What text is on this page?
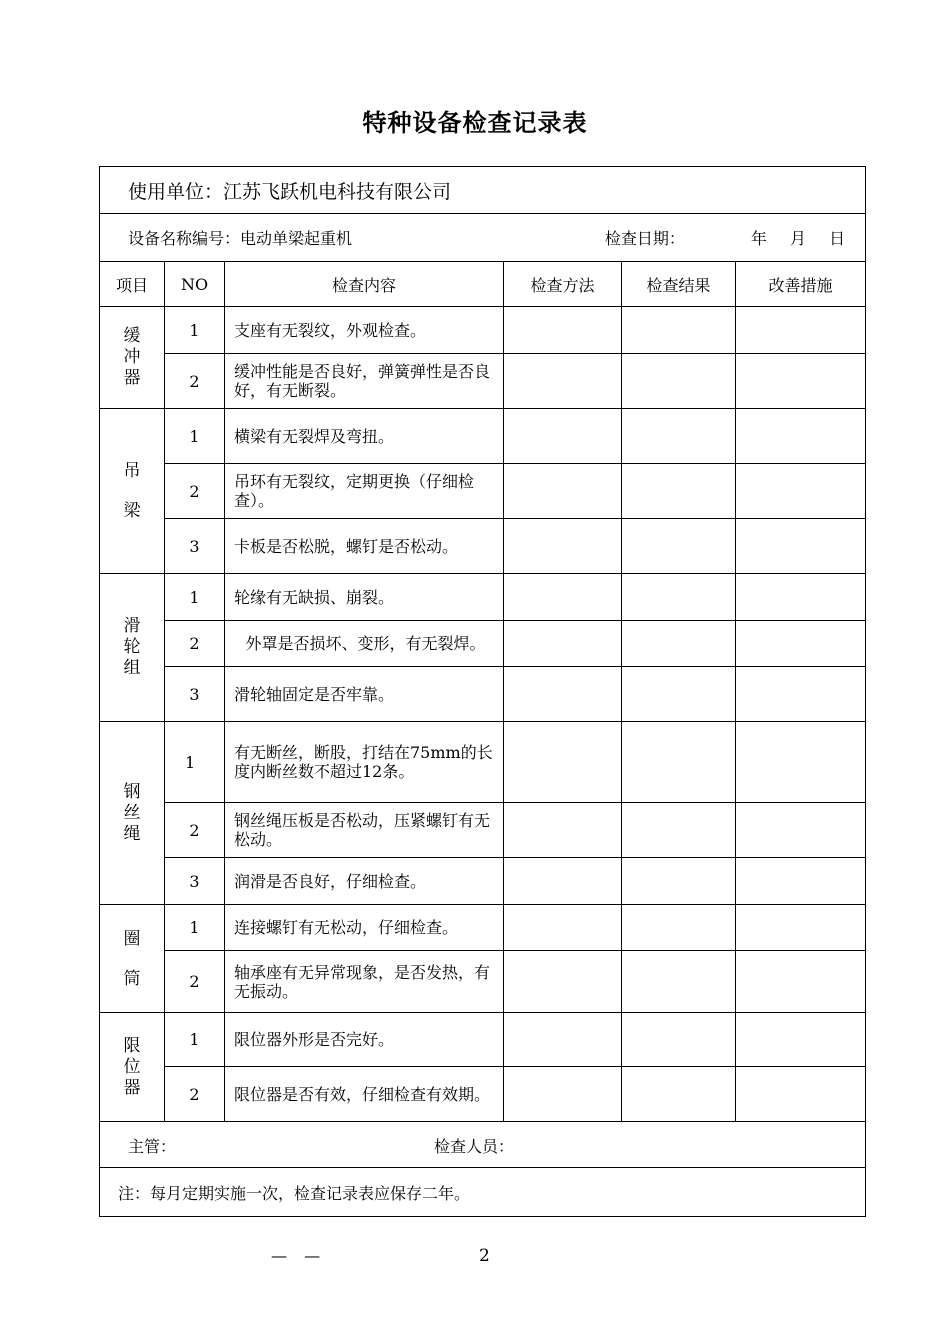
特种设备检查记录表
使用单位：江苏飞跃机电科技有限公司					

设备名称编号：电动单梁起重机 检查日期： 年 月 日					

项目	NO	检查内容	检查方法	检查结果	改善措施

缓
冲
器	1	支座有无裂纹，外观检查。			
	2	缓冲性能是否良好，弹簧弹性是否良好，有无断裂。			

吊
梁	1	横梁有无裂焊及弯扭。			
	2	吊环有无裂纹，定期更换（仔细检查）。			
	3	卡板是否松脱，螺钉是否松动。			

滑
轮
组	1	轮缘有无缺损、崩裂。			
	2	外罩是否损坏、变形，有无裂焊。			
	3	滑轮轴固定是否牢靠。			

钢
丝
绳	1	有无断丝，断股，打结在75mm的长度内断丝数不超过12条。			
	2	钢丝绳压板是否松动，压紧螺钉有无松动。			
	3	润滑是否良好，仔细检查。			

圈
筒	1	连接螺钉有无松动，仔细检查。			
	2	轴承座有无异常现象，是否发热，有无振动。			

限
位
器	1	限位器外形是否完好。			
	2	限位器是否有效，仔细检查有效期。			

主管： 检查人员：					

注：每月定期实施一次，检查记录表应保存二年。					
— —	2
